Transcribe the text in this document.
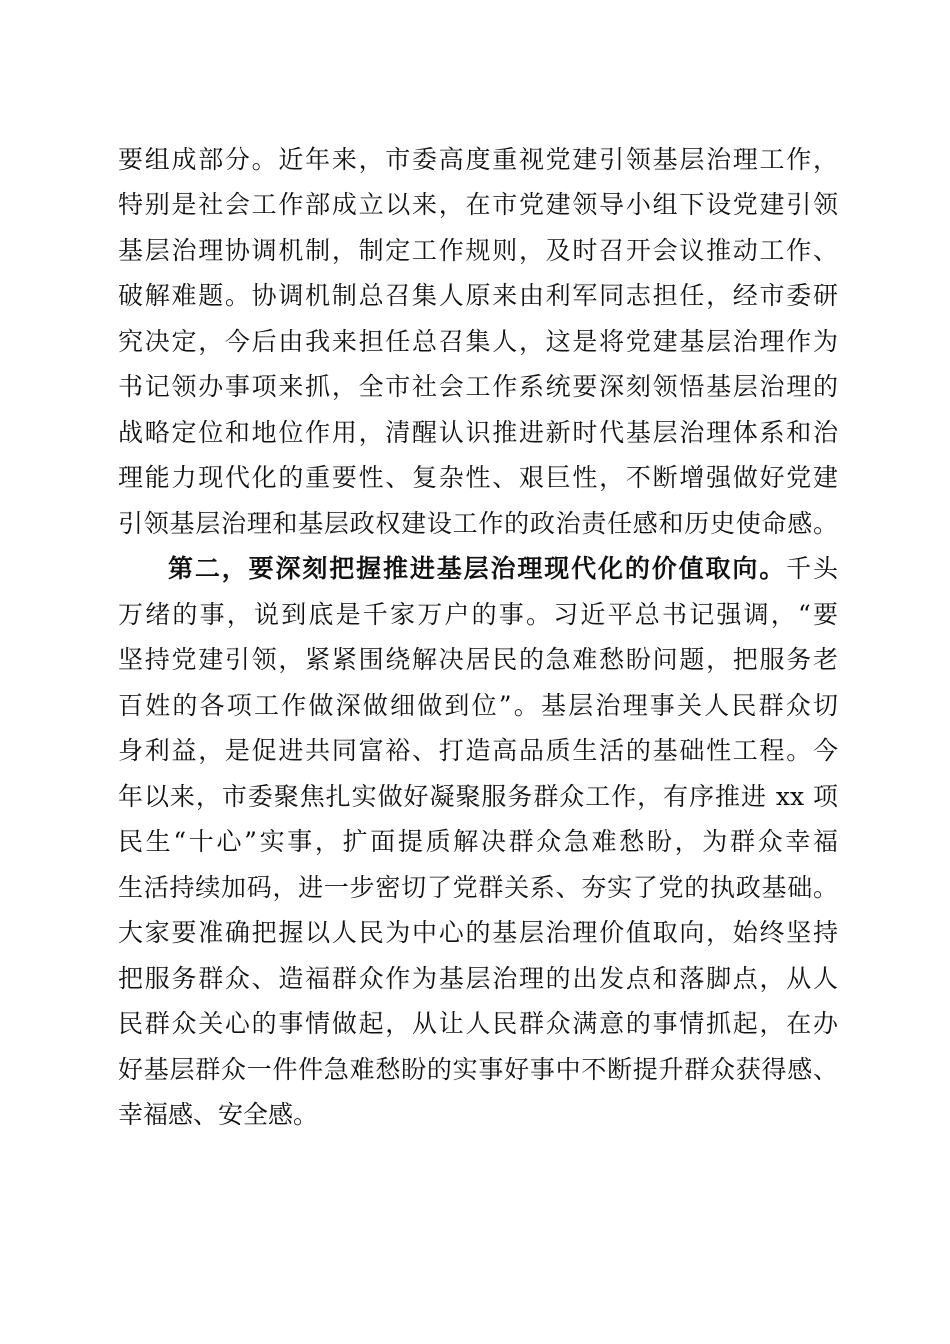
要组成部分。近年来，市委高度重视党建引领基层治理工作，
特别是社会工作部成立以来，在市党建领导小组下设党建引领
基层治理协调机制，制定工作规则，及时召开会议推动工作、
破解难题。协调机制总召集人原来由利军同志担任，经市委研
究决定，今后由我来担任总召集人，这是将党建基层治理作为
书记领办事项来抓，全市社会工作系统要深刻领悟基层治理的
战略定位和地位作用，清醒认识推进新时代基层治理体系和治
理能力现代化的重要性、复杂性、艰巨性，不断增强做好党建
引领基层治理和基层政权建设工作的政治责任感和历史使命感。
第二，要深刻把握推进基层治理现代化的价值取向。千头
万绪的事，说到底是千家万户的事。习近平总书记强调，“要
坚持党建引领，紧紧围绕解决居民的急难愁盼问题，把服务老
百姓的各项工作做深做细做到位”。基层治理事关人民群众切
身利益，是促进共同富裕、打造高品质生活的基础性工程。今
年以来，市委聚焦扎实做好凝聚服务群众工作，有序推进 xx 项
民生“十心”实事，扩面提质解决群众急难愁盼，为群众幸福
生活持续加码，进一步密切了党群关系、夯实了党的执政基础。
大家要准确把握以人民为中心的基层治理价值取向，始终坚持
把服务群众、造福群众作为基层治理的出发点和落脚点，从人
民群众关心的事情做起，从让人民群众满意的事情抓起，在办
好基层群众一件件急难愁盼的实事好事中不断提升群众获得感、
幸福感、安全感。
